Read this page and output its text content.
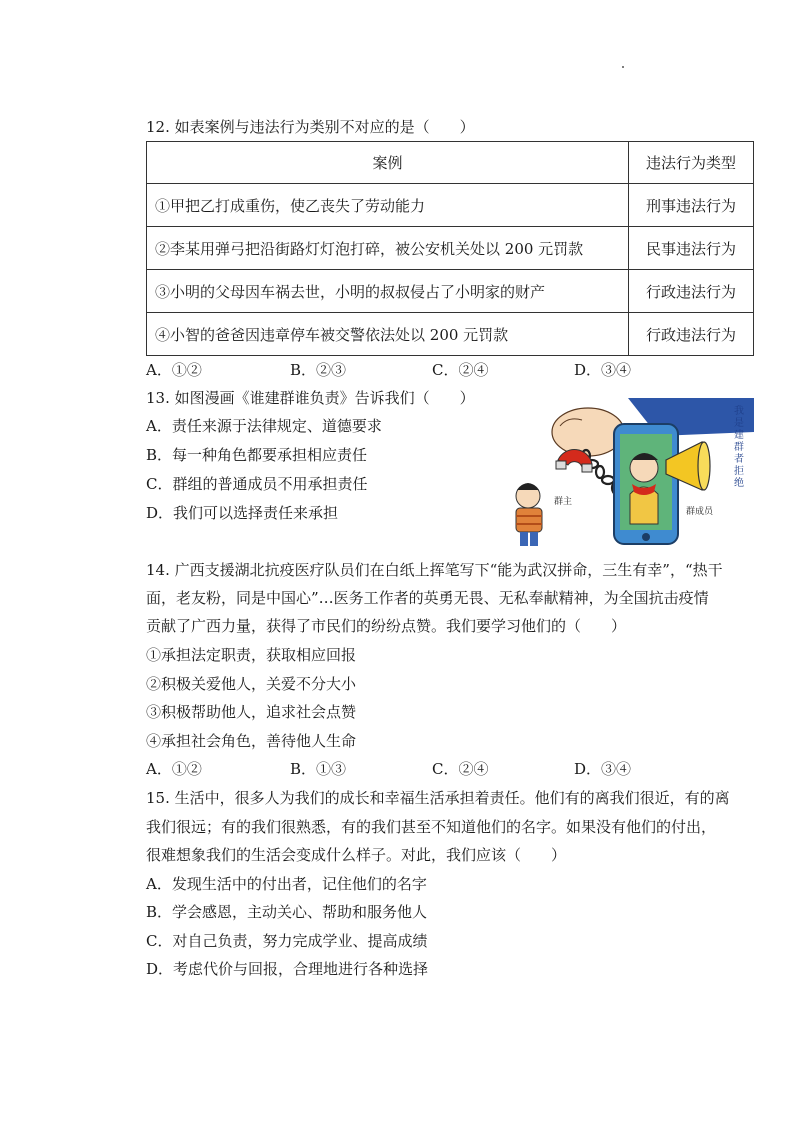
12. 如表案例与违法行为类别不对应的是（　　）
案例	违法行为类型
①甲把乙打成重伤，使乙丧失了劳动能力	刑事违法行为
②李某用弹弓把沿街路灯灯泡打碎，被公安机关处以 200 元罚款	民事违法行为
③小明的父母因车祸去世，小明的叔叔侵占了小明家的财产	行政违法行为
④小智的爸爸因违章停车被交警依法处以 200 元罚款	行政违法行为
A．①②	B．②③	C．②④	D．③④
13. 如图漫画《谁建群谁负责》告诉我们（　　）
A．责任来源于法律规定、道德要求
B．每一种角色都要承担相应责任
C．群组的普通成员不用承担责任
D．我们可以选择责任来承担
我是建群者拒绝
群主
群成员
14. 广西支援湖北抗疫医疗队员们在白纸上挥笔写下“能为武汉拼命，三生有幸”，“热干
面，老友粉，同是中国心”…医务工作者的英勇无畏、无私奉献精神，为全国抗击疫情
贡献了广西力量，获得了市民们的纷纷点赞。我们要学习他们的（　　）
①承担法定职责，获取相应回报
②积极关爱他人，关爱不分大小
③积极帮助他人，追求社会点赞
④承担社会角色，善待他人生命
A．①②	B．①③	C．②④	D．③④
15. 生活中，很多人为我们的成长和幸福生活承担着责任。他们有的离我们很近，有的离
我们很远；有的我们很熟悉，有的我们甚至不知道他们的名字。如果没有他们的付出，
很难想象我们的生活会变成什么样子。对此，我们应该（　　）
A．发现生活中的付出者，记住他们的名字
B．学会感恩，主动关心、帮助和服务他人
C．对自己负责，努力完成学业、提高成绩
D．考虑代价与回报，合理地进行各种选择
